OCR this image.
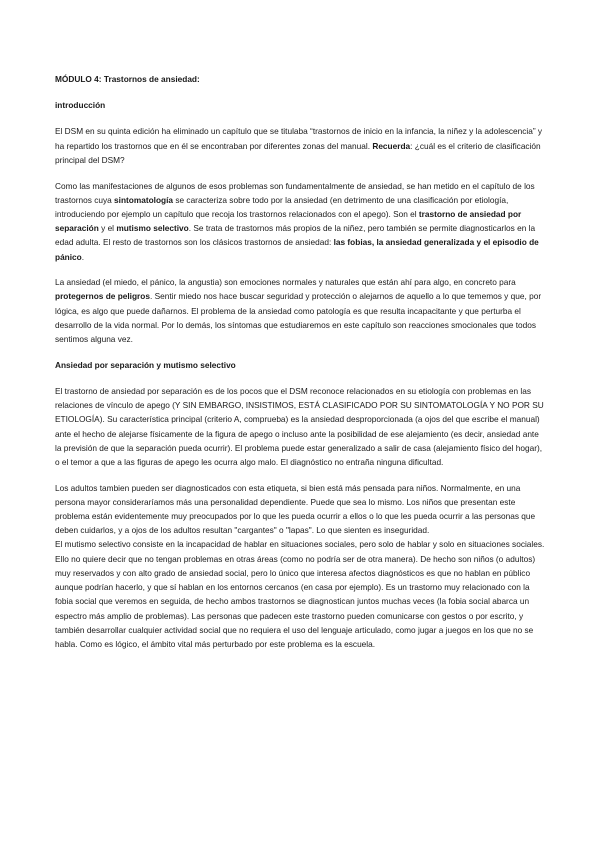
MÓDULO 4: Trastornos de ansiedad:
introducción

El DSM en su quinta edición ha eliminado un capítulo que se titulaba “trastornos de inicio en la infancia, la niñez y la adolescencia” y ha repartido los trastornos que en él se encontraban por diferentes zonas del manual. Recuerda: ¿cuál es el criterio de clasificación principal del DSM?

Como las manifestaciones de algunos de esos problemas son fundamentalmente de ansiedad, se han metido en el capítulo de los trastornos cuya sintomatología se caracteriza sobre todo por la ansiedad (en detrimento de una clasificación por etiología, introduciendo por ejemplo un capítulo que recoja los trastornos relacionados con el apego). Son el trastorno de ansiedad por separación y el mutismo selectivo. Se trata de trastornos más propios de la niñez, pero también se permite diagnosticarlos en la edad adulta. El resto de trastornos son los clásicos trastornos de ansiedad: las fobias, la ansiedad generalizada y el episodio de pánico.

La ansiedad (el miedo, el pánico, la angustia) son emociones normales y naturales que están ahí para algo, en concreto para protegernos de peligros. Sentir miedo nos hace buscar seguridad y protección o alejarnos de aquello a lo que tememos y que, por lógica, es algo que puede dañarnos. El problema de la ansiedad como patología es que resulta incapacitante y que perturba el desarrollo de la vida normal. Por lo demás, los síntomas que estudiaremos en este capítulo son reacciones smocionales que todos sentimos alguna vez.

Ansiedad por separación y mutismo selectivo

El trastorno de ansiedad por separación es de los pocos que el DSM reconoce relacionados en su etiología con problemas en las relaciones de vínculo de apego (Y SIN EMBARGO, INSISTIMOS, ESTÁ CLASIFICADO POR SU SINTOMATOLOGÍA Y NO POR SU ETIOLOGÍA). Su característica principal (criterio A, comprueba) es la ansiedad desproporcionada (a ojos del que escribe el manual) ante el hecho de alejarse físicamente de la figura de apego o incluso ante la posibilidad de ese alejamiento (es decir, ansiedad ante la previsión de que la separación pueda ocurrir). El problema puede estar generalizado a salir de casa (alejamiento físico del hogar), o el temor a que a las figuras de apego les ocurra algo malo. El diagnóstico no entraña ninguna dificultad.

Los adultos tambien pueden ser diagnosticados con esta etiqueta, si bien está más pensada para niños. Normalmente, en una persona mayor consideraríamos más una personalidad dependiente. Puede que sea lo mismo. Los niños que presentan este problema están evidentemente muy preocupados por lo que les pueda ocurrir a ellos o lo que les pueda ocurrir a las personas que deben cuidarlos, y a ojos de los adultos resultan "cargantes" o "lapas". Lo que sienten es inseguridad.

El mutismo selectivo consiste en la incapacidad de hablar en situaciones sociales, pero solo de hablar y solo en situaciones sociales. Ello no quiere decir que no tengan problemas en otras áreas (como no podría ser de otra manera). De hecho son niños (o adultos) muy reservados y con alto grado de ansiedad social, pero lo único que interesa afectos diagnósticos es que no hablan en público aunque podrían hacerlo, y que sí hablan en los entornos cercanos (en casa por ejemplo). Es un trastorno muy relacionado con la fobia social que veremos en seguida, de hecho ambos trastornos se diagnostican juntos muchas veces (la fobia social abarca un espectro más amplio de problemas). Las personas que padecen este trastorno pueden comunicarse con gestos o por escrito, y también desarrollar cualquier actividad social que no requiera el uso del lenguaje articulado, como jugar a juegos en los que no se habla. Como es lógico, el ámbito vital más perturbado por este problema es la escuela.
